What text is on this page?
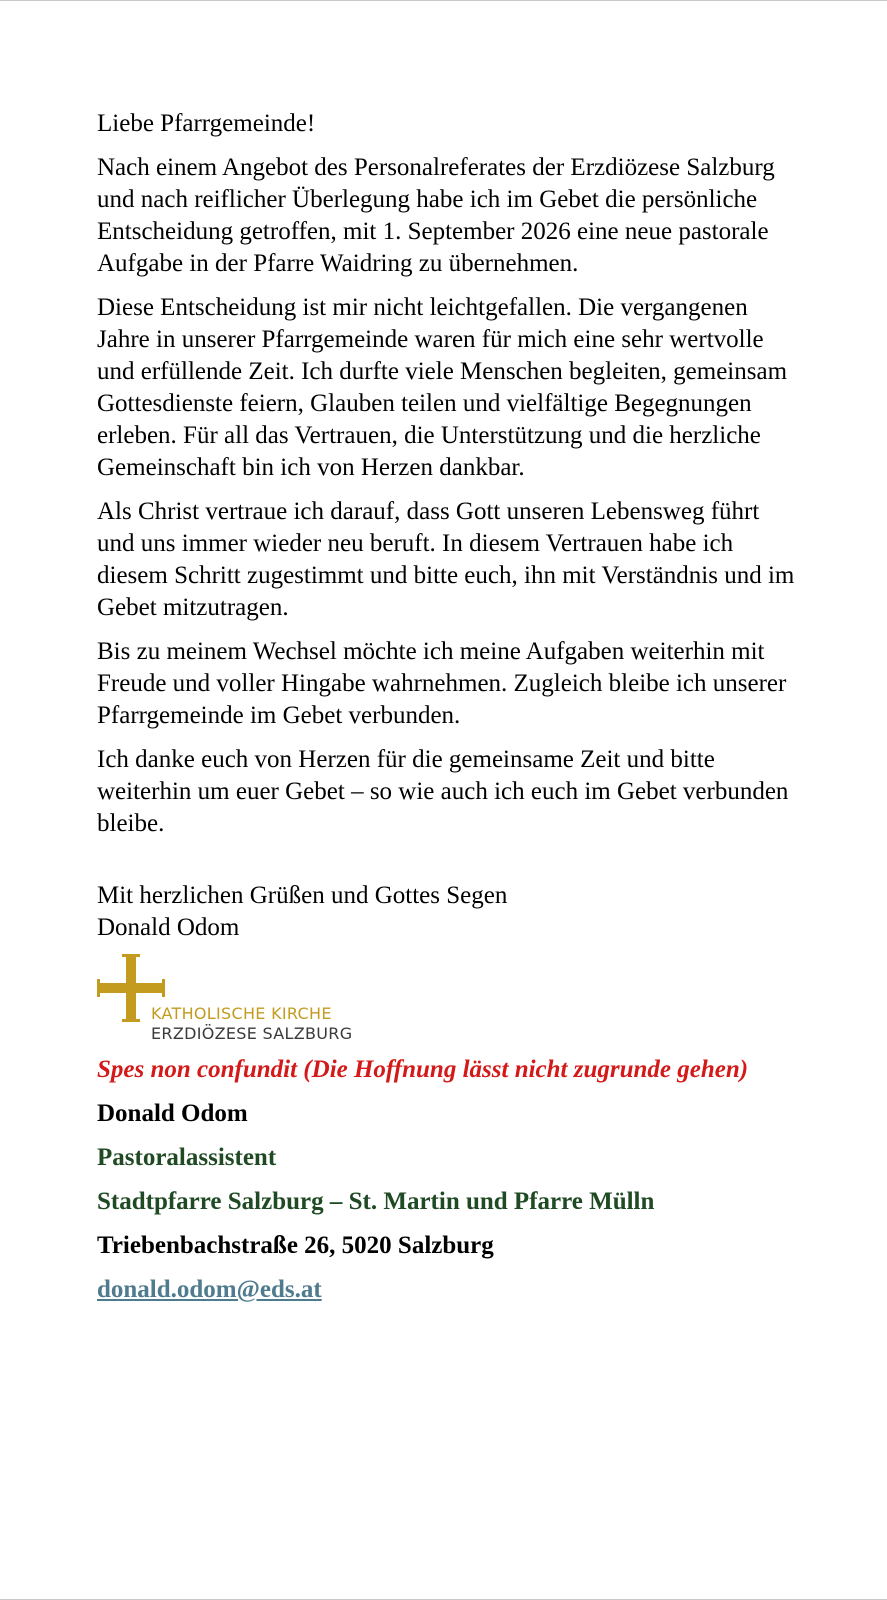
Liebe Pfarrgemeinde!

Nach einem Angebot des Personalreferates der Erzdiözese Salzburg und nach reiflicher Überlegung habe ich im Gebet die persönliche Entscheidung getroffen, mit 1. September 2026 eine neue pastorale Aufgabe in der Pfarre Waidring zu übernehmen.

Diese Entscheidung ist mir nicht leichtgefallen. Die vergangenen Jahre in unserer Pfarrgemeinde waren für mich eine sehr wertvolle und erfüllende Zeit. Ich durfte viele Menschen begleiten, gemeinsam Gottesdienste feiern, Glauben teilen und vielfältige Begegnungen erleben. Für all das Vertrauen, die Unterstützung und die herzliche Gemeinschaft bin ich von Herzen dankbar.

Als Christ vertraue ich darauf, dass Gott unseren Lebensweg führt und uns immer wieder neu beruft. In diesem Vertrauen habe ich diesem Schritt zugestimmt und bitte euch, ihn mit Verständnis und im Gebet mitzutragen.

Bis zu meinem Wechsel möchte ich meine Aufgaben weiterhin mit Freude und voller Hingabe wahrnehmen. Zugleich bleibe ich unserer Pfarrgemeinde im Gebet verbunden.

Ich danke euch von Herzen für die gemeinsame Zeit und bitte weiterhin um euer Gebet – so wie auch ich euch im Gebet verbunden bleibe.

Mit herzlichen Grüßen und Gottes Segen
Donald Odom
KATHOLISCHE KIRCHE
ERZDIÖZESE SALZBURG
Spes non confundit (Die Hoffnung lässt nicht zugrunde gehen)
Donald Odom
Pastoralassistent
Stadtpfarre Salzburg – St. Martin und Pfarre Mülln
Triebenbachstraße 26, 5020 Salzburg
donald.odom@eds.at
